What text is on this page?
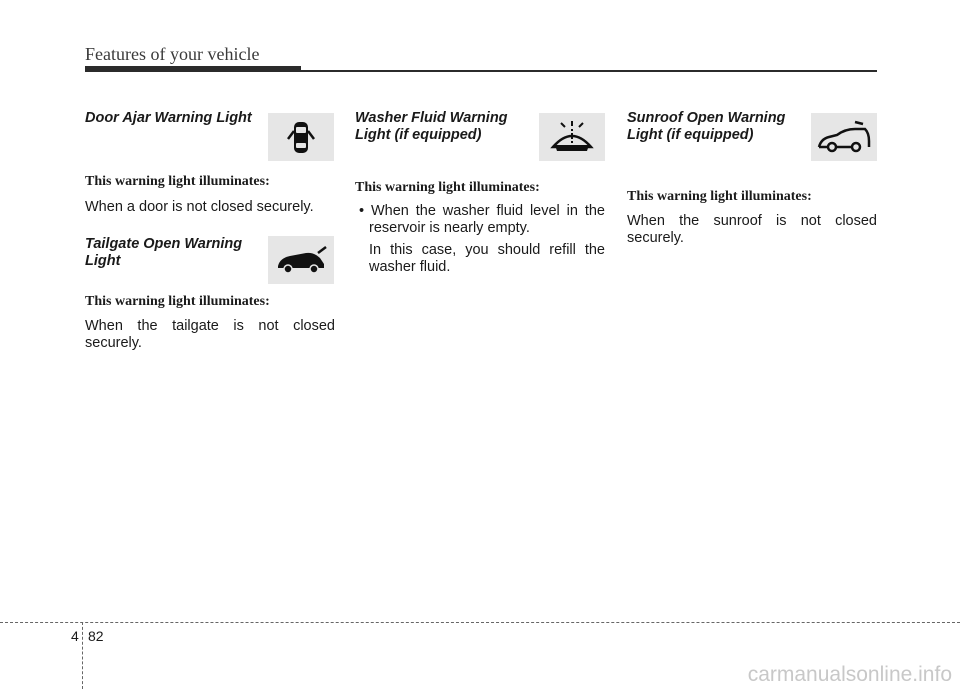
Features of your vehicle
Door Ajar Warning Light
This warning light illuminates:
When a door is not closed securely.
Tailgate Open Warning
Light
This warning light illuminates:
When the tailgate is not closed securely.
Washer Fluid Warning
Light (if equipped)
This warning light illuminates:
• When the washer fluid level in the reservoir is nearly empty.
In this case, you should refill the washer fluid.
Sunroof Open Warning
Light (if equipped)
This warning light illuminates:
When the sunroof is not closed securely.
4 82
carmanualsonline.info
